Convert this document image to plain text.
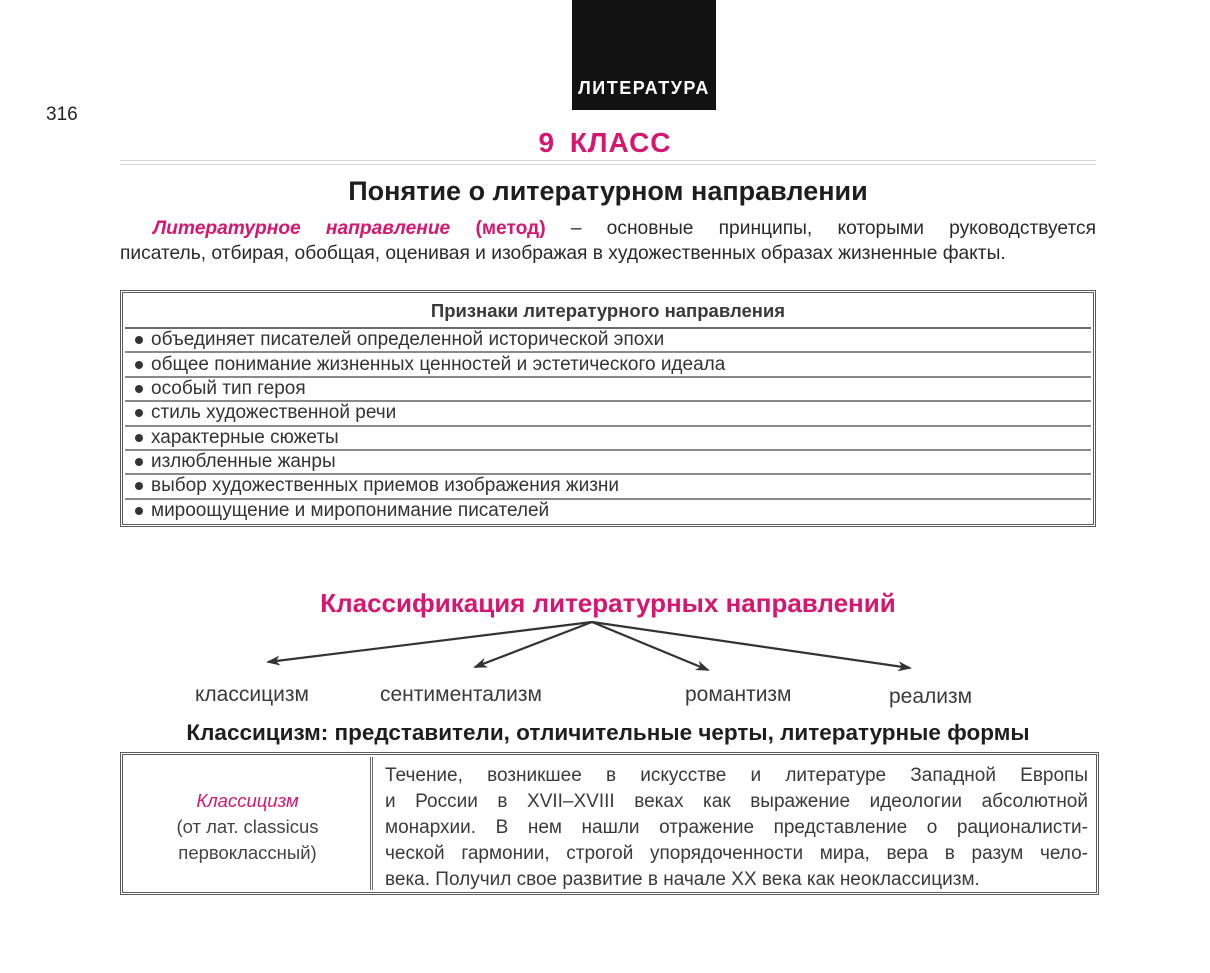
316
ЛИТЕРАТУРА
9 КЛАСС
Понятие о литературном направлении

Литературное направление (метод) – основные принципы, которыми руководствуется

писатель, отбирая, обобщая, оценивая и изображая в художественных образах жизненные факты.

Признаки литературного направления
объединяет писателей определенной исторической эпохи
общее понимание жизненных ценностей и эстетического идеала
особый тип героя
стиль художественной речи
характерные сюжеты
излюбленные жанры
выбор художественных приемов изображения жизни
мироощущение и миропонимание писателей
Классификация литературных направлений
классицизм	сентиментализм	романтизм	реализм
Классицизм: представители, отличительные черты, литературные формы
Классицизм
(от лат. classicus
первоклассный)
Течение, возникшее в искусстве и литературе Западной Европы
и России в XVII–XVIII веках как выражение идеологии абсолютной
монархии. В нем нашли отражение представление о рационалисти-
ческой гармонии, строгой упорядоченности мира, вера в разум чело-
века. Получил свое развитие в начале XX века как неоклассицизм.
